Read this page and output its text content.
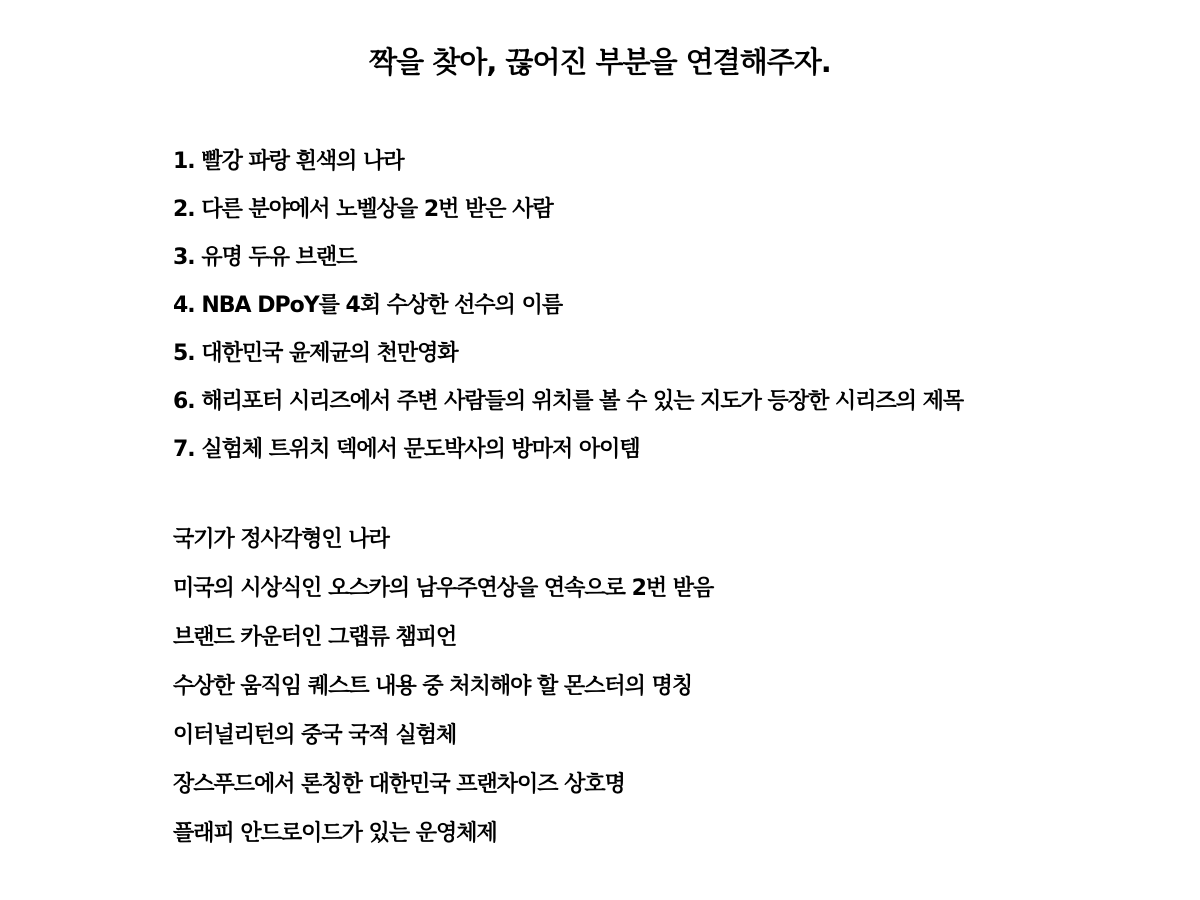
짝을 찾아, 끊어진 부분을 연결해주자.
1. 빨강 파랑 흰색의 나라
2. 다른 분야에서 노벨상을 2번 받은 사람
3. 유명 두유 브랜드
4. NBA DPoY를 4회 수상한 선수의 이름
5. 대한민국 윤제균의 천만영화
6. 해리포터 시리즈에서 주변 사람들의 위치를 볼 수 있는 지도가 등장한 시리즈의 제목
7. 실험체 트위치 덱에서 문도박사의 방마저 아이템
국기가 정사각형인 나라
미국의 시상식인 오스카의 남우주연상을 연속으로 2번 받음
브랜드 카운터인 그랩류 챔피언
수상한 움직임 퀘스트 내용 중 처치해야 할 몬스터의 명칭
이터널리턴의 중국 국적 실험체
장스푸드에서 론칭한 대한민국 프랜차이즈 상호명
플래피 안드로이드가 있는 운영체제
